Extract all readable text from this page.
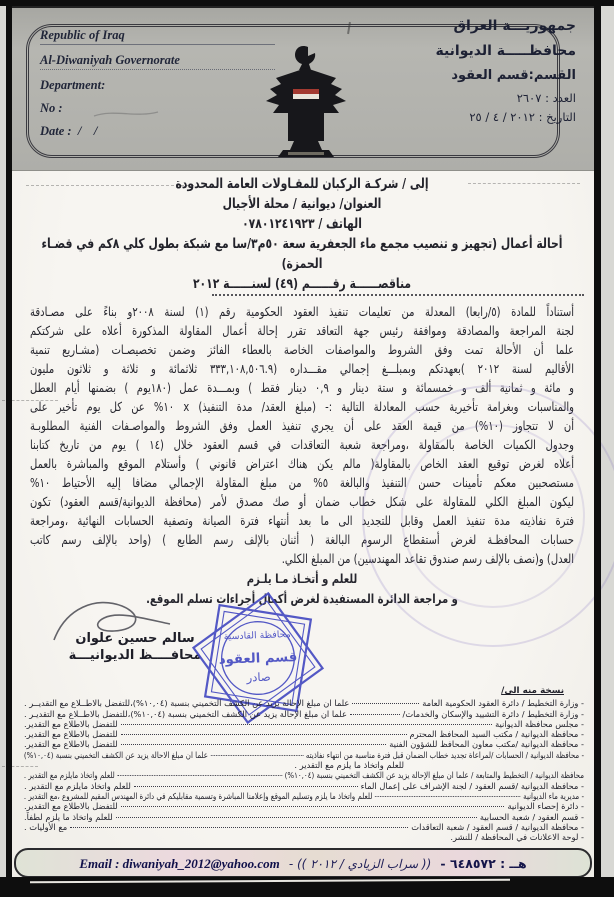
Republic of Iraq
Al-Diwaniyah Governorate
Department:
No :
Date : /    /
جمهوريـــة العراق
محافظـــــة الديوانية
القسم:قسم العقود
العدد : ٢٦٠٧
التاريخ : ٢٠١٢ / ٤ / ٢٥
إلى / شركـة الركبان للمقـاولات العامة المحدودة
العنوان/ ديوانية / محلة الأجيال
الهاتف / ٠٧٨٠١٢٤١٩٢٣
أحالة أعمال (تجهيز و تنصيب مجمع ماء الجعفرية سعة ٥٠م٣/سا مع شبكة بطول كلي ٨كم في قضـاء
الحمزة)
مناقصــــــة رقــــــم (٤٩) لسنــــــة ٢٠١٢
أستناداً للمادة (٥/رابعا) المعدلة من تعليمات تنفيذ العقود الحكومية رقم (١) لسنة ٢٠٠٨و بناءً على مصـادقة
لجنة المراجعة والمصادقة وموافقة رئيس جهة التعاقد تقرر إحالة أعمال المقاولة المذكورة أعلاه على شركتكم
علما أن الأحالة تمت وفق الشروط والمواصفات الخاصة بالعطاء الفائز وضمن تخصيصـات (مشـاريع تنمية
الأقاليم لسنة ٢٠١٢ )بعهدتكم وبمبلـــغ إجمالي مقـــداره (٣٣٣,١٠٨,٥٠٦.٩ ثلاثمائة و ثلاثة و ثلاثون مليون
و مائة و ثمانية ألف و خمسمائة و ستة دينار و ٠,٩ دينار فقط ) وبمـــدة عمل (١٨٠يوم ) بضمنها أيام العطل
والمناسبات وبغرامة تأخيرية حسب المعادلة التالية :- (مبلغ العقد/ مدة التنفيذ) x ١٠% عن كل يوم تأخير على
أن لا تتجاوز (١٠%) من قيمة العقد على أن يجري تنفيذ العمل وفق الشروط والمواصـفات الفنية المطلوبـة
وجدول الكميات الخاصة بالمقاولة ،ومراجعة شعبة التعاقدات في قسم العقود خلال (١٤ ) يوم من تاريخ كتابنا
أعلاه لغرض توقيع العقد الخاص بالمقاولة( مالم يكن هناك اعتراض قانوني ) وأستلام الموقع والمباشرة بالعمل
مستصحبين معكم تأمينات حسن التنفيذ والبالغة ٥% من مبلغ المقاولة الإجمالي مضافا إليه الأحتياط ١٠%
ليكون المبلغ الكلي للمقاولة على شكل خطاب ضمان أو صك مصدق لأمر (محافظة الديوانية/قسم العقود) تكون
فترة نفاذيته مدة تنفيذ العمل وقابل للتجديد الى ما بعد أنتهاء فترة الصيانة وتصفية الحسابات النهائية ،ومراجعة
حسابات المحافظـة لغرض أستقطاع الرسوم البالغة ( أثنان بالإلف رسم الطابع ) (واحد بالإلف رسم كاتب
العدل) و(نصف بالإلف رسم صندوق تقاعد المهندسين) من المبلغ الكلي.
للعلم و أتخـاذ مـا يلـزم
و مراجعة الدائرة المستفيدة لغرض أكمال أجراءات تسلم الموقع.
سالم حسين علوان
محافــــظ الديوانيـــة
محافظة القادسية
قسم العقود
صادر
نسخة منه الى/
- وزارة التخطيط / دائرة العقود الحكومية العامة
علما ان مبلغ الإحالة يزيد عن الكشف التخميني بنسبة (١٠,٠٤%)،للتفضل بالاطــلاع مع التقديــر .
- وزارة التخطيط / دائرة التشييد والإسكان والخدمات/
علما ان مبلغ الإحالة يزيد عن الكشف التخميني بنسبة (١٠,٠٤%)،للتفضل بالاطــلاع مع التقديـر .
- مجلس محافظة الديوانية
للتفضل بالاطلاع مع التقدير.
- محافظة الديوانية / مكتب السيد المحافظ المحترم
للتفضل بالاطلاع مع التقدير.
- محافظة الديوانية /مكتب معاون المحافظ للشؤون الفنية
للتفضل بالاطلاع مع التقدير.
- محافظة الديوانية / الحسابات /لمراعاة تجديد خطاب الضمان قبل فترة مناسبة من انتهاء نفاذيته
علما ان مبلغ الاحالة يزيد عن الكشف التخميني بنسبة (١٠,٠٤%)
للعلم واتخاذ ما يلزم مع التقدير .
محافظة الديوانية / التخطيط والمتابعة / علما ان مبلغ الإحالة يزيد عن الكشف التخميني بنسبة (١٠,٠٤%)
للعلم واتخاذ مايلزم مع التقدير .
- محافظة الديوانية /قسم العقود / لجنة الإشراف على إعمال الماء
للعلم واتخاذ مايلزم مع التقدير .
- مديرية ماء الديوانية
للعلم واتخاذ ما يلزم وتسليم الموقع وإعلامنا المباشرة وتسمية مقابليكم في دائرة المهندس المقيم للمشروع ،مع التقدير .
- دائرة إحصاء الديوانية
للتفضل بالاطلاع مع التقدير.
- قسم العقود / شعبة الحسابية
للعلم واتخاذ ما يلزم لطفاً.
- محافظة الديوانية / قسم العقود / شعبة التعاقدات
مع الأوليات .
- لوحة الاعلانات في المحافظة / للنشر.
هــ : ٦٤٨٥٧٢ - (( سراب الزيادي / ٢٠١٢ )) - Email : diwaniyah_2012@yahoo.com
